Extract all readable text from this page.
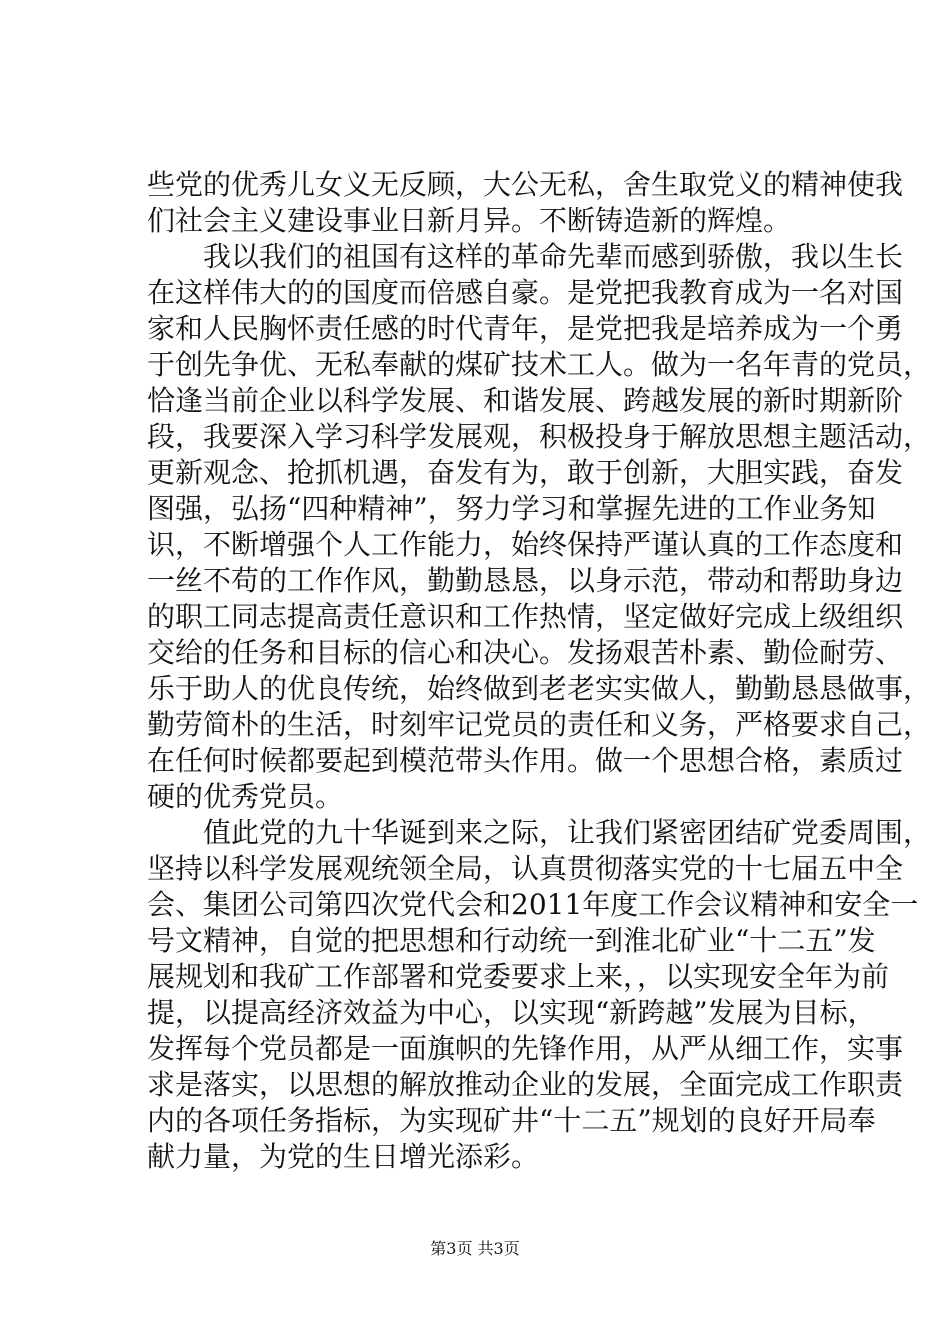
些党的优秀儿女义无反顾，大公无私，舍生取党义的精神使我
们社会主义建设事业日新月异。不断铸造新的辉煌。
我以我们的祖国有这样的革命先辈而感到骄傲，我以生长
在这样伟大的的国度而倍感自豪。是党把我教育成为一名对国
家和人民胸怀责任感的时代青年，是党把我是培养成为一个勇
于创先争优、无私奉献的煤矿技术工人。做为一名年青的党员，
恰逢当前企业以科学发展、和谐发展、跨越发展的新时期新阶
段，我要深入学习科学发展观，积极投身于解放思想主题活动，
更新观念、抢抓机遇，奋发有为，敢于创新，大胆实践，奋发
图强，弘扬“四种精神”，努力学习和掌握先进的工作业务知
识，不断增强个人工作能力，始终保持严谨认真的工作态度和
一丝不苟的工作作风，勤勤恳恳，以身示范，带动和帮助身边
的职工同志提高责任意识和工作热情，坚定做好完成上级组织
交给的任务和目标的信心和决心。发扬艰苦朴素、勤俭耐劳、
乐于助人的优良传统，始终做到老老实实做人，勤勤恳恳做事，
勤劳简朴的生活，时刻牢记党员的责任和义务，严格要求自己，
在任何时候都要起到模范带头作用。做一个思想合格，素质过
硬的优秀党员。
值此党的九十华诞到来之际，让我们紧密团结矿党委周围，
坚持以科学发展观统领全局，认真贯彻落实党的十七届五中全
会、集团公司第四次党代会和2011年度工作会议精神和安全一
号文精神，自觉的把思想和行动统一到淮北矿业“十二五”发
展规划和我矿工作部署和党委要求上来，，以实现安全年为前
提，以提高经济效益为中心，以实现“新跨越”发展为目标，
发挥每个党员都是一面旗帜的先锋作用，从严从细工作，实事
求是落实，以思想的解放推动企业的发展，全面完成工作职责
内的各项任务指标，为实现矿井“十二五”规划的良好开局奉
献力量，为党的生日增光添彩。
第3页 共3页
